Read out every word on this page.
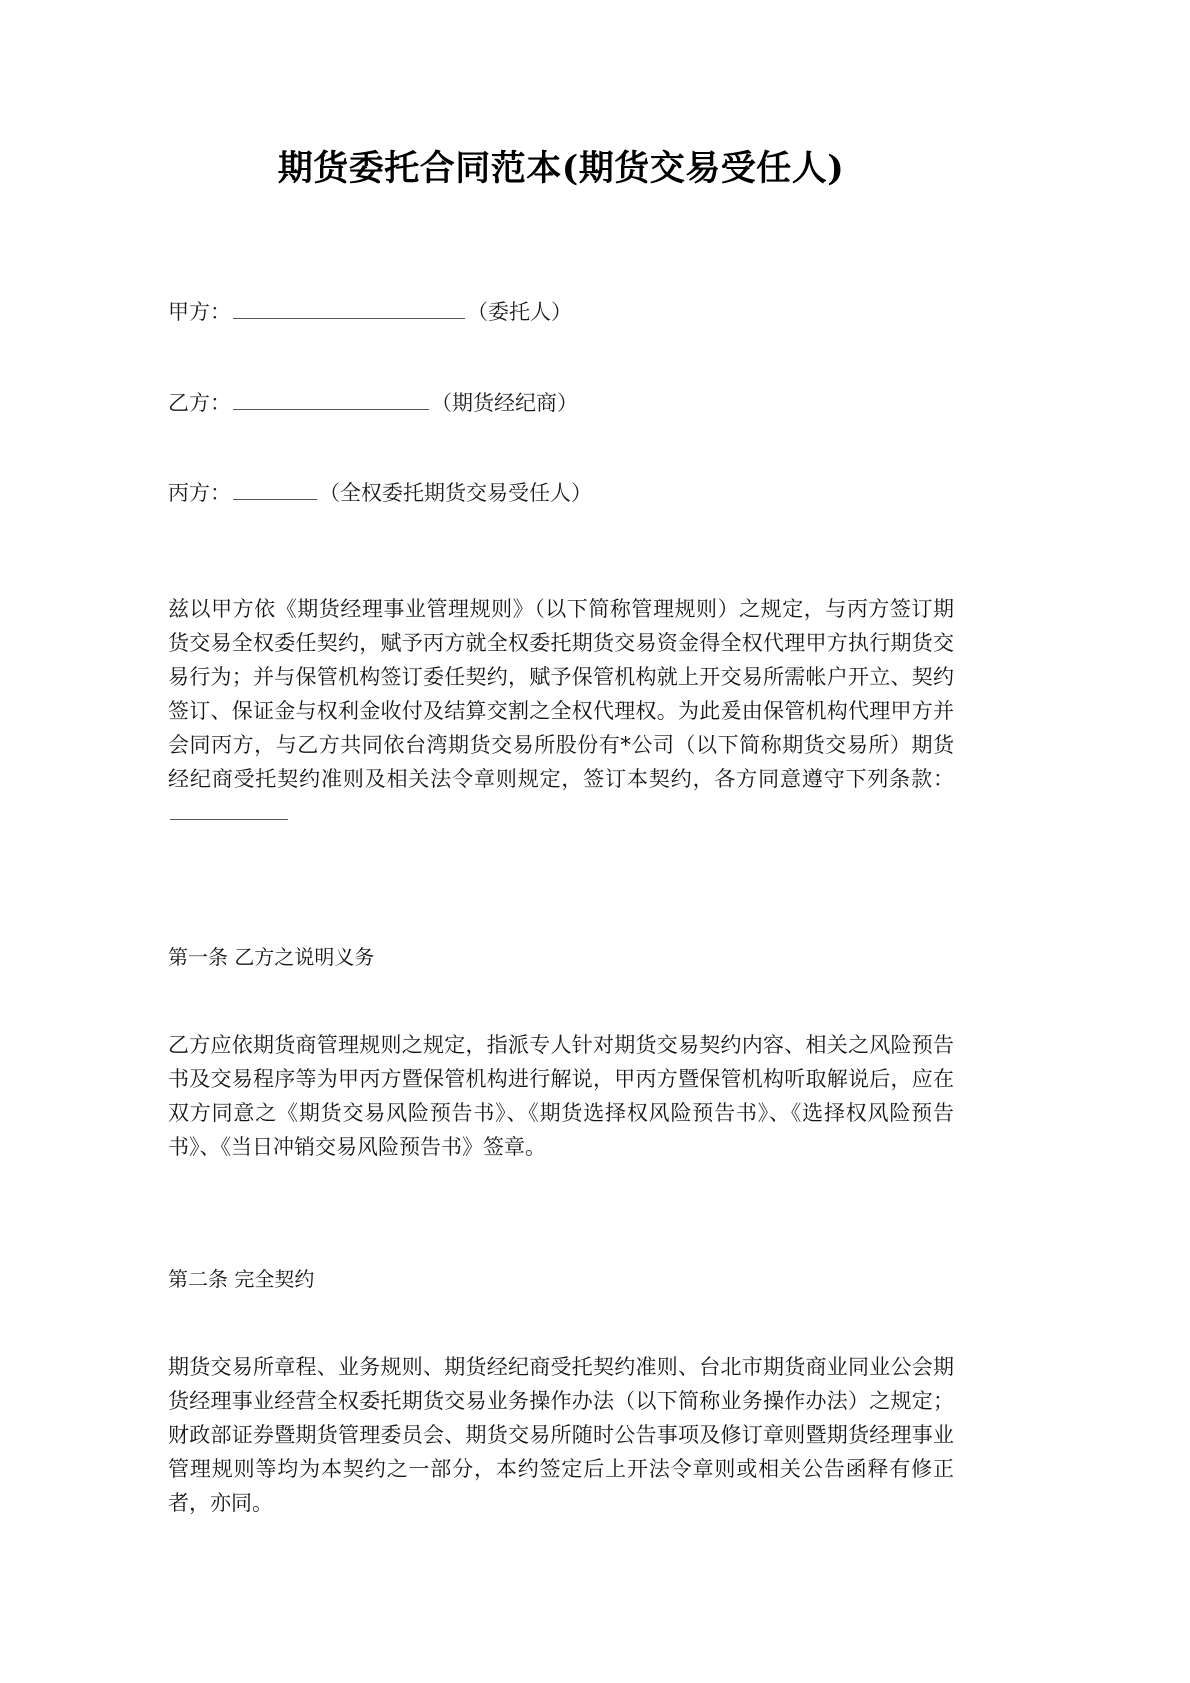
期货委托合同范本(期货交易受任人)
甲方：	（委托人）
乙方：	（期货经纪商）
丙方：	（全权委托期货交易受任人）

兹以甲方依《期货经理事业管理规则》（以下简称管理规则）之规定，与丙方签订期货交易全权委任契约，赋予丙方就全权委托期货交易资金得全权代理甲方执行期货交易行为；并与保管机构签订委任契约，赋予保管机构就上开交易所需帐户开立、契约签订、保证金与权利金收付及结算交割之全权代理权。为此爰由保管机构代理甲方并会同丙方，与乙方共同依台湾期货交易所股份有*公司（以下简称期货交易所）期货经纪商受托契约准则及相关法令章则规定，签订本契约，各方同意遵守下列条款：

第一条 乙方之说明义务

乙方应依期货商管理规则之规定，指派专人针对期货交易契约内容、相关之风险预告书及交易程序等为甲丙方暨保管机构进行解说，甲丙方暨保管机构听取解说后，应在双方同意之《期货交易风险预告书》、《期货选择权风险预告书》、《选择权风险预告书》、《当日冲销交易风险预告书》签章。

第二条 完全契约

期货交易所章程、业务规则、期货经纪商受托契约准则、台北市期货商业同业公会期货经理事业经营全权委托期货交易业务操作办法（以下简称业务操作办法）之规定；财政部证券暨期货管理委员会、期货交易所随时公告事项及修订章则暨期货经理事业管理规则等均为本契约之一部分，本约签定后上开法令章则或相关公告函释有修正者，亦同。
